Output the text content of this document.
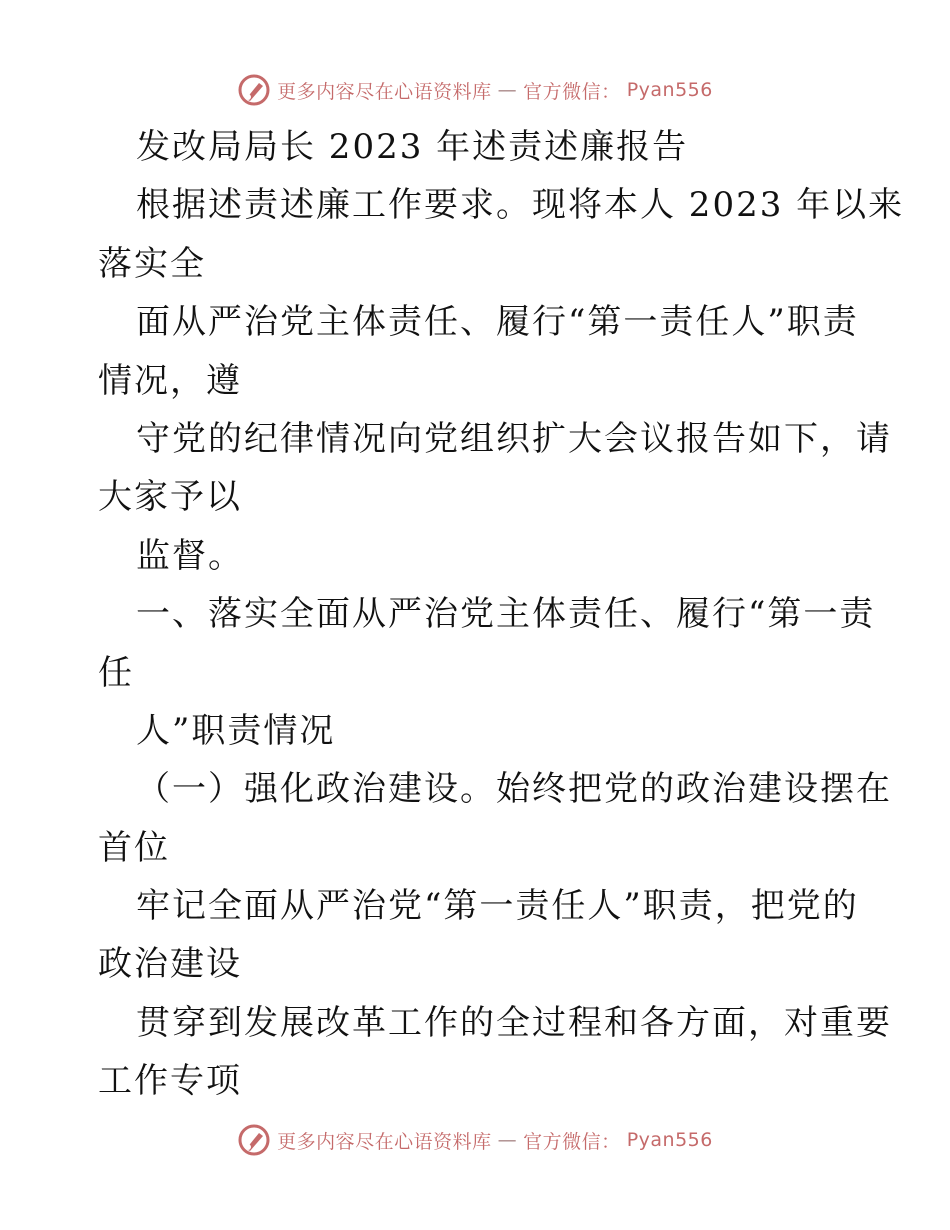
更多内容尽在心语资料库 — 官方微信： Pyan556
发改局局长 2023 年述责述廉报告
根据述责述廉工作要求。现将本人 2023 年以来
落实全
面从严治党主体责任、履行“第一责任人”职责
情况，遵
守党的纪律情况向党组织扩大会议报告如下，请
大家予以
监督。
一、落实全面从严治党主体责任、履行“第一责
任
人”职责情况
（一）强化政治建设。始终把党的政治建设摆在
首位
牢记全面从严治党“第一责任人”职责，把党的
政治建设
贯穿到发展改革工作的全过程和各方面，对重要
工作专项
更多内容尽在心语资料库 — 官方微信： Pyan556
